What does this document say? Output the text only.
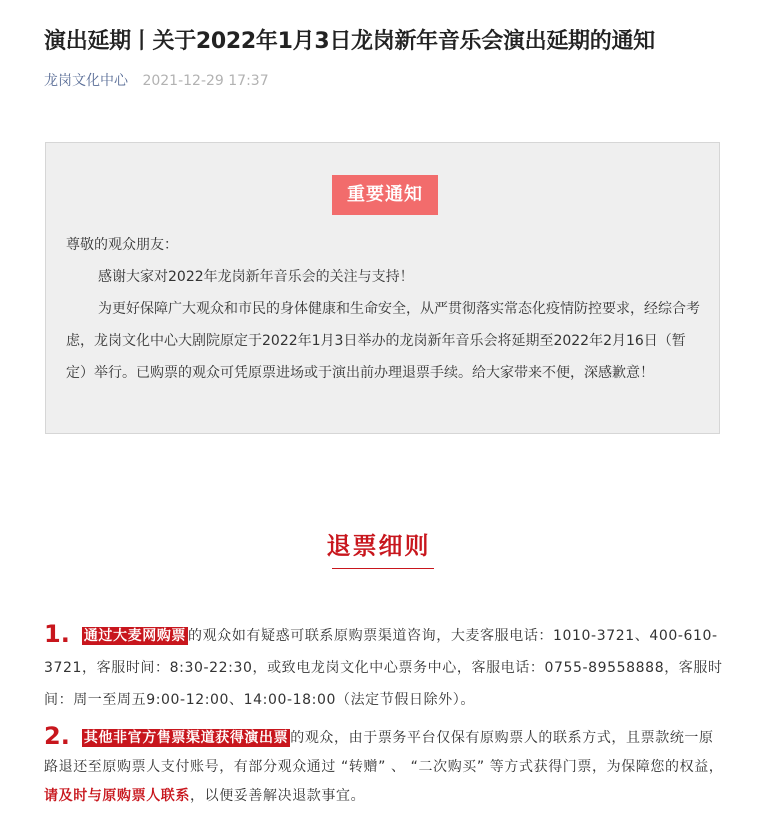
演出延期丨关于2022年1月3日龙岗新年音乐会演出延期的通知
龙岗文化中心 2021-12-29 17:37
重要通知

尊敬的观众朋友：

感谢大家对2022年龙岗新年音乐会的关注与支持！

为更好保障广大观众和市民的身体健康和生命安全，从严贯彻落实常态化疫情防控要求，经综合考虑，龙岗文化中心大剧院原定于2022年1月3日举办的龙岗新年音乐会将延期至2022年2月16日（暂定）举行。已购票的观众可凭原票进场或于演出前办理退票手续。给大家带来不便，深感歉意！

退票细则
1. 通过大麦网购票 的观众如有疑惑可联系原购票渠道咨询，大麦客服电话：1010-3721、400-610-3721，客服时间：8:30-22:30，或致电龙岗文化中心票务中心，客服电话：0755-89558888，客服时间：周一至周五9:00-12:00、14:00-18:00（法定节假日除外）。
2. 其他非官方售票渠道获得演出票 的观众，由于票务平台仅保有原购票人的联系方式，且票款统一原路退还至原购票人支付账号，有部分观众通过 “转赠” 、 “二次购买” 等方式获得门票，为保障您的权益，请及时与原购票人联系，以便妥善解决退款事宜。
